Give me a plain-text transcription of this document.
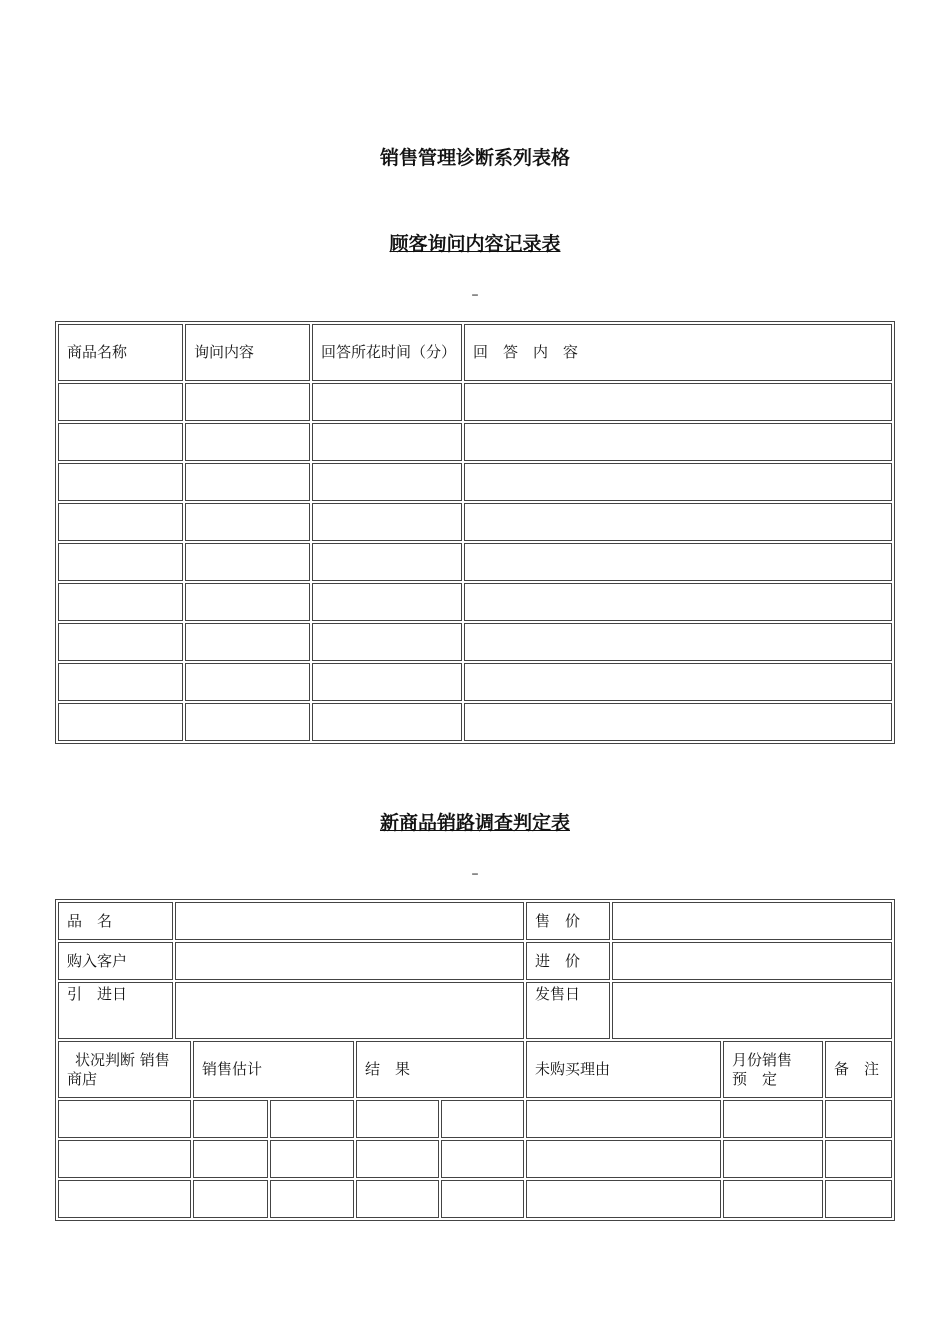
销售管理诊断系列表格
顾客询问内容记录表
–
商品名称	询问内容	回答所花时间（分）	回　答　内　容

新商品销路调查判定表
–
品　名						售　价			
购入客户						进　价			
引　进日						发售日			
状况判断 销售商店		销售估计		结　果		未购买理由		月份销售预　定	备　注
